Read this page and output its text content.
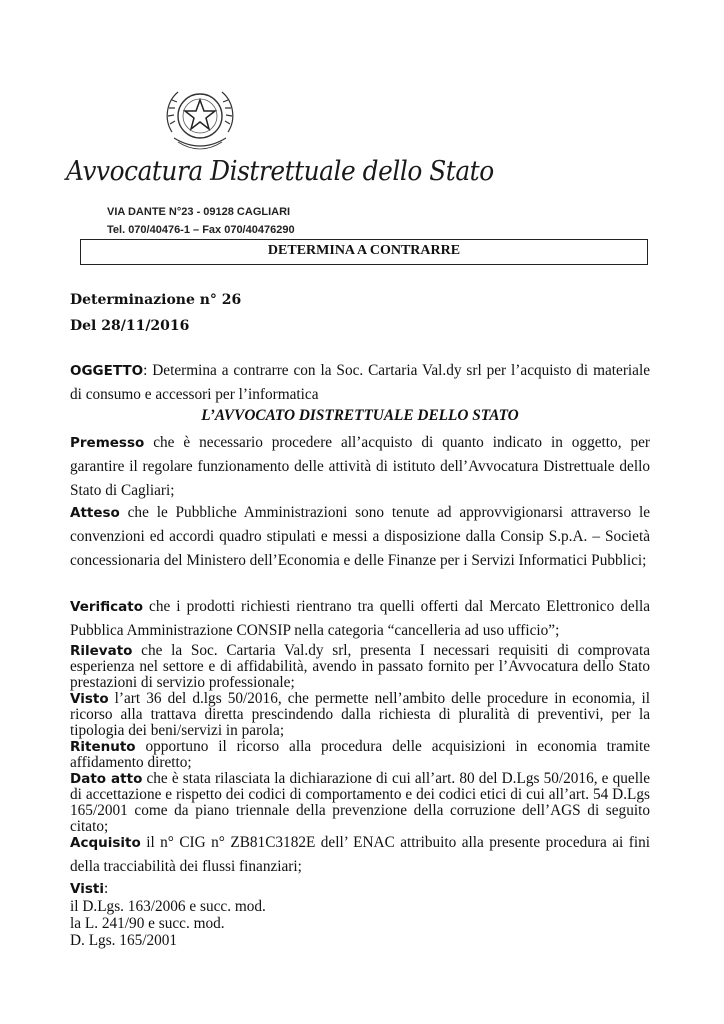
Avvocatura Distrettuale dello Stato
VIA DANTE N°23 - 09128 CAGLIARI
Tel. 070/40476-1 – Fax 070/40476290
DETERMINA A CONTRARRE
Determinazione n° 26
Del 28/11/2016
OGGETTO: Determina a contrarre con la Soc. Cartaria Val.dy srl per l’acquisto di materiale di consumo e accessori per l’informatica
L’AVVOCATO DISTRETTUALE DELLO STATO
Premesso che è necessario procedere all’acquisto di quanto indicato in oggetto, per garantire il regolare funzionamento delle attività di istituto dell’Avvocatura Distrettuale dello Stato di Cagliari;
Atteso che le Pubbliche Amministrazioni sono tenute ad approvvigionarsi attraverso le convenzioni ed accordi quadro stipulati e messi a disposizione dalla Consip S.p.A. – Società concessionaria del Ministero dell’Economia e delle Finanze per i Servizi Informatici Pubblici;
Verificato che i prodotti richiesti rientrano tra quelli offerti dal Mercato Elettronico della Pubblica Amministrazione CONSIP nella categoria “cancelleria ad uso ufficio”;
Rilevato che la Soc. Cartaria Val.dy srl, presenta I necessari requisiti di comprovata esperienza nel settore e di affidabilità, avendo in passato fornito per l’Avvocatura dello Stato prestazioni di servizio professionale;
Visto l’art 36 del d.lgs 50/2016, che permette nell’ambito delle procedure in economia, il ricorso alla trattava diretta prescindendo dalla richiesta di pluralità di preventivi, per la tipologia dei beni/servizi in parola;
Ritenuto opportuno il ricorso alla procedura delle acquisizioni in economia tramite affidamento diretto;
Dato atto che è stata rilasciata la dichiarazione di cui all’art. 80 del D.Lgs 50/2016, e quelle di accettazione e rispetto dei codici di comportamento e dei codici etici di cui all’art. 54 D.Lgs 165/2001 come da piano triennale della prevenzione della corruzione dell’AGS di seguito citato;
Acquisito il n° CIG n° ZB81C3182E dell’ ENAC attribuito alla presente procedura ai fini della tracciabilità dei flussi finanziari;
Visti:
il D.Lgs. 163/2006 e succ. mod.
la L. 241/90 e succ. mod.
D. Lgs. 165/2001
